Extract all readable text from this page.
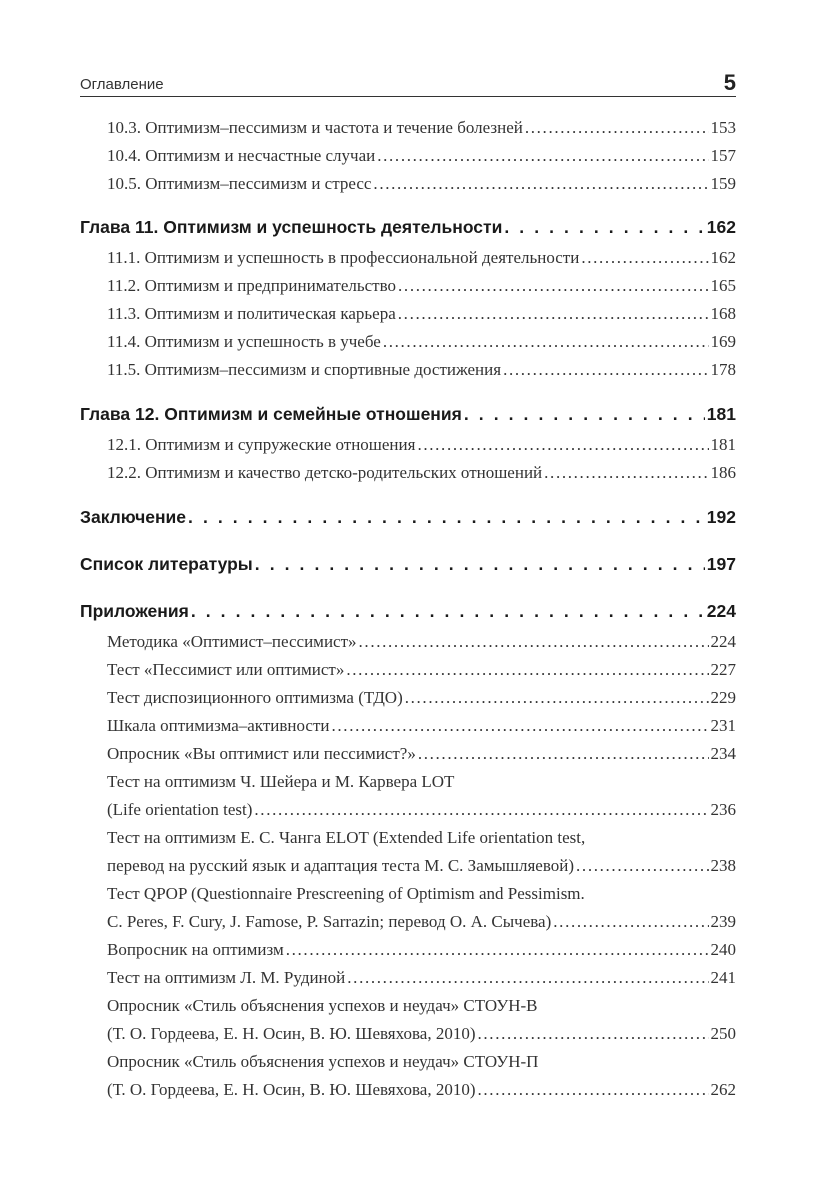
Оглавление	5
10.3. Оптимизм–пессимизм и частота и течение болезней . . .	153
10.4. Оптимизм и несчастные случаи . . .	157
10.5. Оптимизм–пессимизм и стресс . . .	159
Глава 11. Оптимизм и успешность деятельности . . .	162
11.1. Оптимизм и успешность в профессиональной деятельности . . .	162
11.2. Оптимизм и предпринимательство . . .	165
11.3. Оптимизм и политическая карьера . . .	168
11.4. Оптимизм и успешность в учебе . . .	169
11.5. Оптимизм–пессимизм и спортивные достижения . . .	178
Глава 12. Оптимизм и семейные отношения . . .	181
12.1. Оптимизм и супружеские отношения . . .	181
12.2. Оптимизм и качество детско-родительских отношений . . .	186
Заключение . . .	192
Список литературы . . .	197
Приложения . . .	224
Методика «Оптимист–пессимист» . . .	224
Тест «Пессимист или оптимист» . . .	227
Тест диспозиционного оптимизма (ТДО) . . .	229
Шкала оптимизма–активности . . .	231
Опросник «Вы оптимист или пессимист?» . . .	234
Тест на оптимизм Ч. Шейера и М. Карвера LOT
(Life orientation test) . . .	236
Тест на оптимизм Е. С. Чанга ELOT (Extended Life orientation test,
перевод на русский язык и адаптация теста М. С. Замышляевой) . . .	238
Тест QPOP (Questionnaire Prescreening of Optimism and Pessimism.
C. Peres, F. Cury, J. Famose, P. Sarrazin; перевод О. А. Сычева) . . .	239
Вопросник на оптимизм . . .	240
Тест на оптимизм Л. М. Рудиной . . .	241
Опросник «Стиль объяснения успехов и неудач» СТОУН-В
(Т. О. Гордеева, Е. Н. Осин, В. Ю. Шевяхова, 2010) . . .	250
Опросник «Стиль объяснения успехов и неудач» СТОУН-П
(Т. О. Гордеева, Е. Н. Осин, В. Ю. Шевяхова, 2010) . . .	262
